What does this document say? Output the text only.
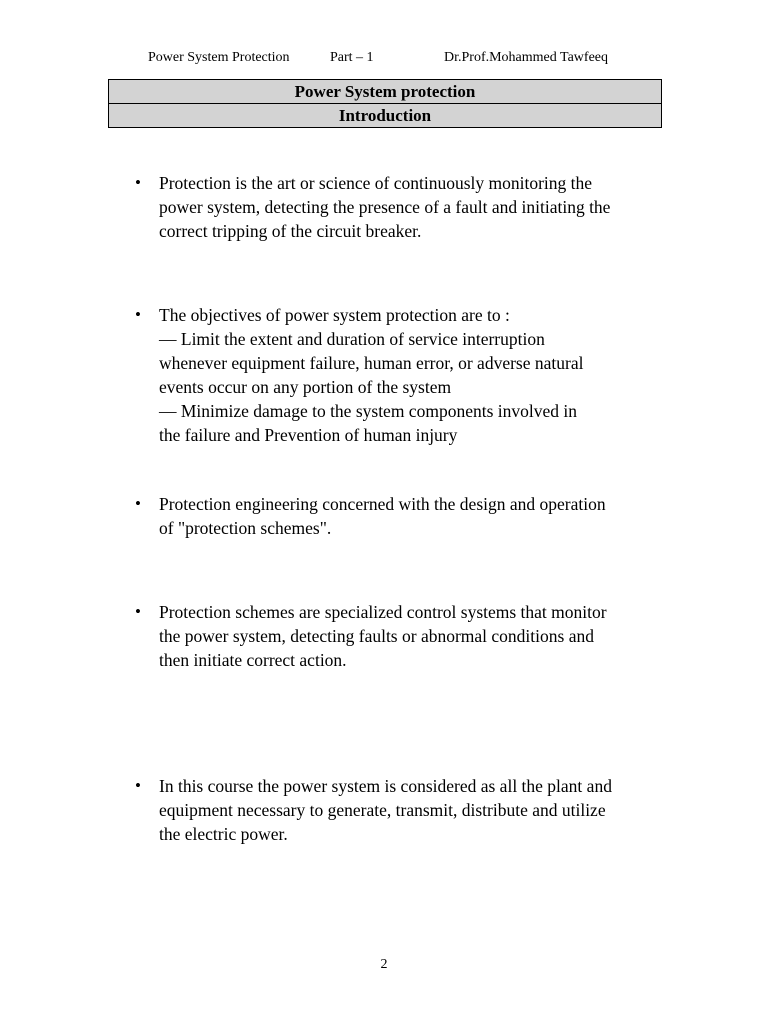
Power System Protection	Part – 1	Dr.Prof.Mohammed Tawfeeq
Power System protection
Introduction
• Protection is the art or science of continuously monitoring the
power system, detecting the presence of a fault and initiating the
correct tripping of the circuit breaker.
• The objectives of power system protection are to :
— Limit the extent and duration of service interruption
whenever equipment failure, human error, or adverse natural
events occur on any portion of the system
— Minimize damage to the system components involved in
the failure and Prevention of human injury
• Protection engineering concerned with the design and operation
of "protection schemes".
• Protection schemes are specialized control systems that monitor
the power system, detecting faults or abnormal conditions and
then initiate correct action.
• In this course the power system is considered as all the plant and
equipment necessary to generate, transmit, distribute and utilize
the electric power.
2
